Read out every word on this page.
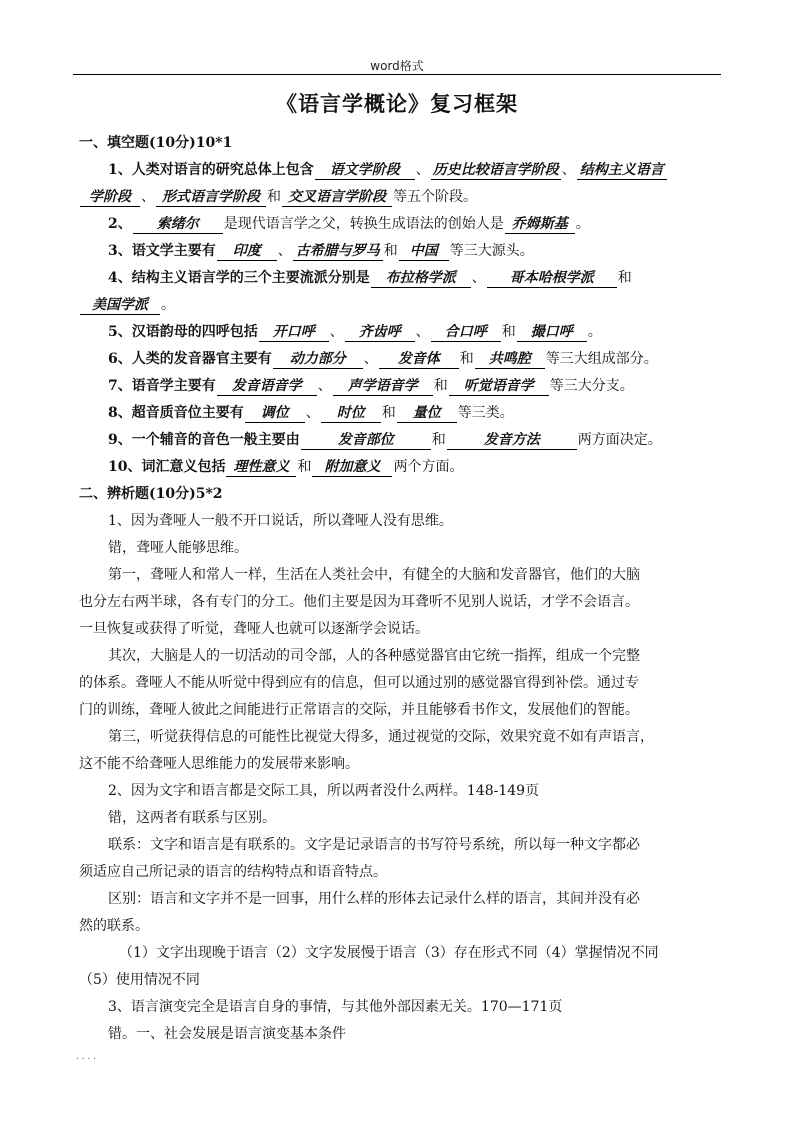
word格式
《语言学概论》复习框架
一、填空题(10分)10*1
1、人类对语言的研究总体上包含 语文学阶段 、 历史比较语言学阶段 、 结构主义语言
学阶段 、 形式语言学阶段 和 交叉语言学阶段 等五个阶段。
2、 索绪尔 是现代语言学之父，转换生成语法的创始人是 乔姆斯基 。
3、语文学主要有 印度 、 古希腊与罗马 和 中国 等三大源头。
4、结构主义语言学的三个主要流派分别是 布拉格学派 、 哥本哈根学派 和
美国学派 。
5、汉语韵母的四呼包括 开口呼 、 齐齿呼 、 合口呼 和 撮口呼 。
6、人类的发音器官主要有 动力部分 、 发音体 和 共鸣腔 等三大组成部分。
7、语音学主要有 发音语音学 、 声学语音学 和 听觉语音学 等三大分支。
8、超音质音位主要有 调位 、 时位 和 量位 等三类。
9、一个辅音的音色一般主要由	发音部位	和	发音方法	两方面决定。
10、词汇意义包括 理性意义 和 附加意义 两个方面。
二、辨析题(10分)5*2
1、因为聋哑人一般不开口说话，所以聋哑人没有思维。
错，聋哑人能够思维。
第一，聋哑人和常人一样，生活在人类社会中，有健全的大脑和发音器官，他们的大脑
也分左右两半球，各有专门的分工。他们主要是因为耳聋听不见别人说话，才学不会语言。
一旦恢复或获得了听觉，聋哑人也就可以逐渐学会说话。
其次，大脑是人的一切活动的司令部，人的各种感觉器官由它统一指挥，组成一个完整
的体系。聋哑人不能从听觉中得到应有的信息，但可以通过别的感觉器官得到补偿。通过专
门的训练，聋哑人彼此之间能进行正常语言的交际，并且能够看书作文，发展他们的智能。
第三，听觉获得信息的可能性比视觉大得多，通过视觉的交际，效果究竟不如有声语言，
这不能不给聋哑人思维能力的发展带来影响。
2、因为文字和语言都是交际工具，所以两者没什么两样。148-149页
错，这两者有联系与区别。
联系：文字和语言是有联系的。文字是记录语言的书写符号系统，所以每一种文字都必
须适应自己所记录的语言的结构特点和语音特点。
区别：语言和文字并不是一回事，用什么样的形体去记录什么样的语言，其间并没有必
然的联系。
（1）文字出现晚于语言（2）文字发展慢于语言（3）存在形式不同（4）掌握情况不同
（5）使用情况不同
3、语言演变完全是语言自身的事情，与其他外部因素无关。170—171页
错。一、社会发展是语言演变基本条件
. . . .
